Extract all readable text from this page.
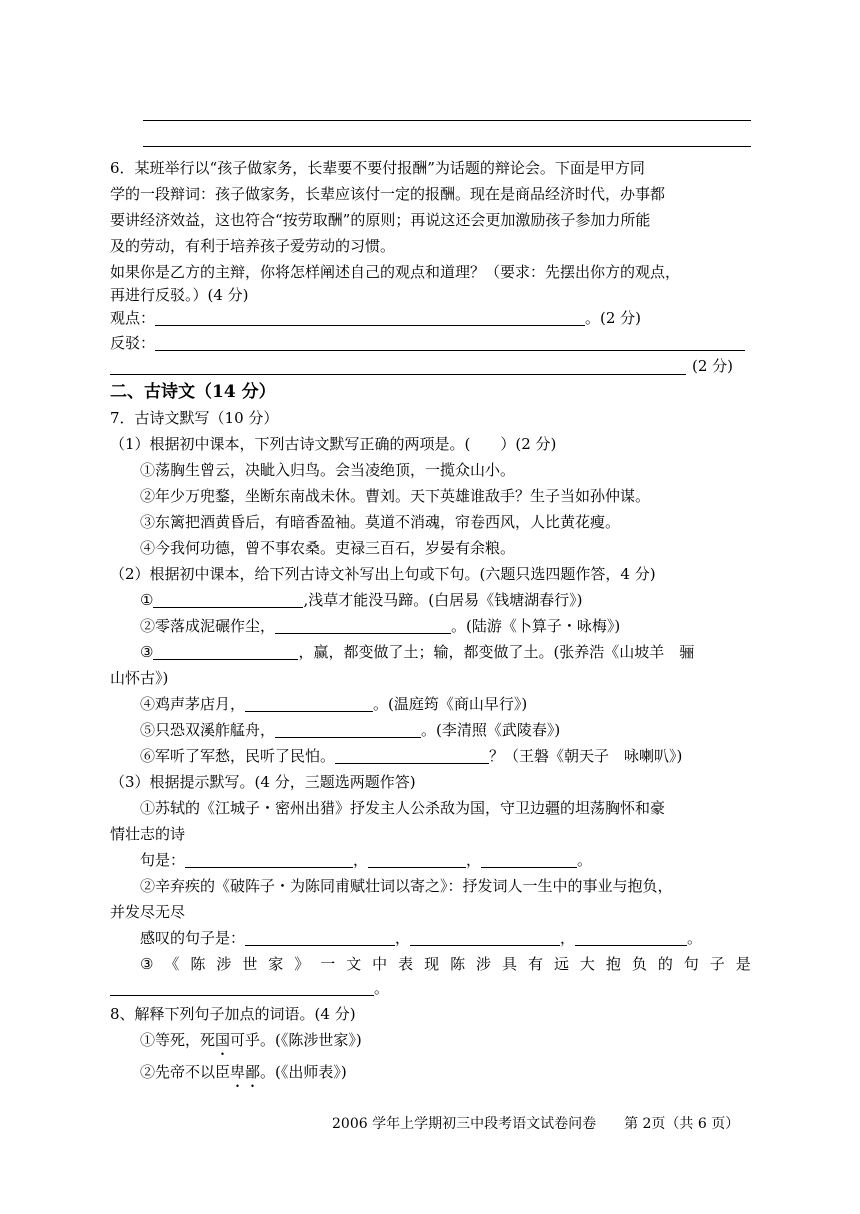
6．某班举行以“孩子做家务，长辈要不要付报酬”为话题的辩论会。下面是甲方同
学的一段辩词：孩子做家务，长辈应该付一定的报酬。现在是商品经济时代，办事都
要讲经济效益，这也符合“按劳取酬”的原则；再说这还会更加激励孩子参加力所能
及的劳动，有利于培养孩子爱劳动的习惯。
如果你是乙方的主辩，你将怎样阐述自己的观点和道理？（要求：先摆出你方的观点，
再进行反驳。）(4 分)
观点：	。(2 分)
反驳：
(2 分)
二、古诗文（14 分）
7．古诗文默写（10 分）
（1）根据初中课本，下列古诗文默写正确的两项是。(　　）(2 分)
①荡胸生曾云，决眦入归鸟。会当凌绝顶，一揽众山小。
②年少万兜鍪，坐断东南战未休。曹刘。天下英雄谁敌手？生子当如孙仲谋。
③东篱把酒黄昏后，有暗香盈袖。莫道不消魂，帘卷西风，人比黄花瘦。
④今我何功德，曾不事农桑。吏禄三百石，岁晏有余粮。
（2）根据初中课本，给下列古诗文补写出上句或下句。(六题只选四题作答，4 分)
①	,浅草才能没马蹄。(白居易《钱塘湖春行》)
②零落成泥碾作尘，	。(陆游《卜算子・咏梅》)
③	，赢，都变做了土；输，都变做了土。(张养浩《山坡羊　骊
山怀古》)
④鸡声茅店月，	。(温庭筠《商山早行》)
⑤只恐双溪舴艋舟，	。(李清照《武陵春》)
⑥军听了军愁，民听了民怕。	？（王磐《朝天子　咏喇叭》)
（3）根据提示默写。(4 分，三题选两题作答)
①苏轼的《江城子・密州出猎》抒发主人公杀敌为国，守卫边疆的坦荡胸怀和豪
情壮志的诗
句是：	，	，	。
②辛弃疾的《破阵子・为陈同甫赋壮词以寄之》：抒发词人一生中的事业与抱负，
并发尽无尽
感叹的句子是：	，	，	。
③ 《 陈 涉 世 家 》 一 文 中 表 现 陈 涉 具 有 远 大 抱 负 的 句 子 是
。
8、解释下列句子加点的词语。(4 分)
①等死，死国可乎。(《陈涉世家》)
②先帝不以臣卑鄙。(《出师表》)
2006 学年上学期初三中段考语文试卷问卷　　第 2页（共 6 页）
